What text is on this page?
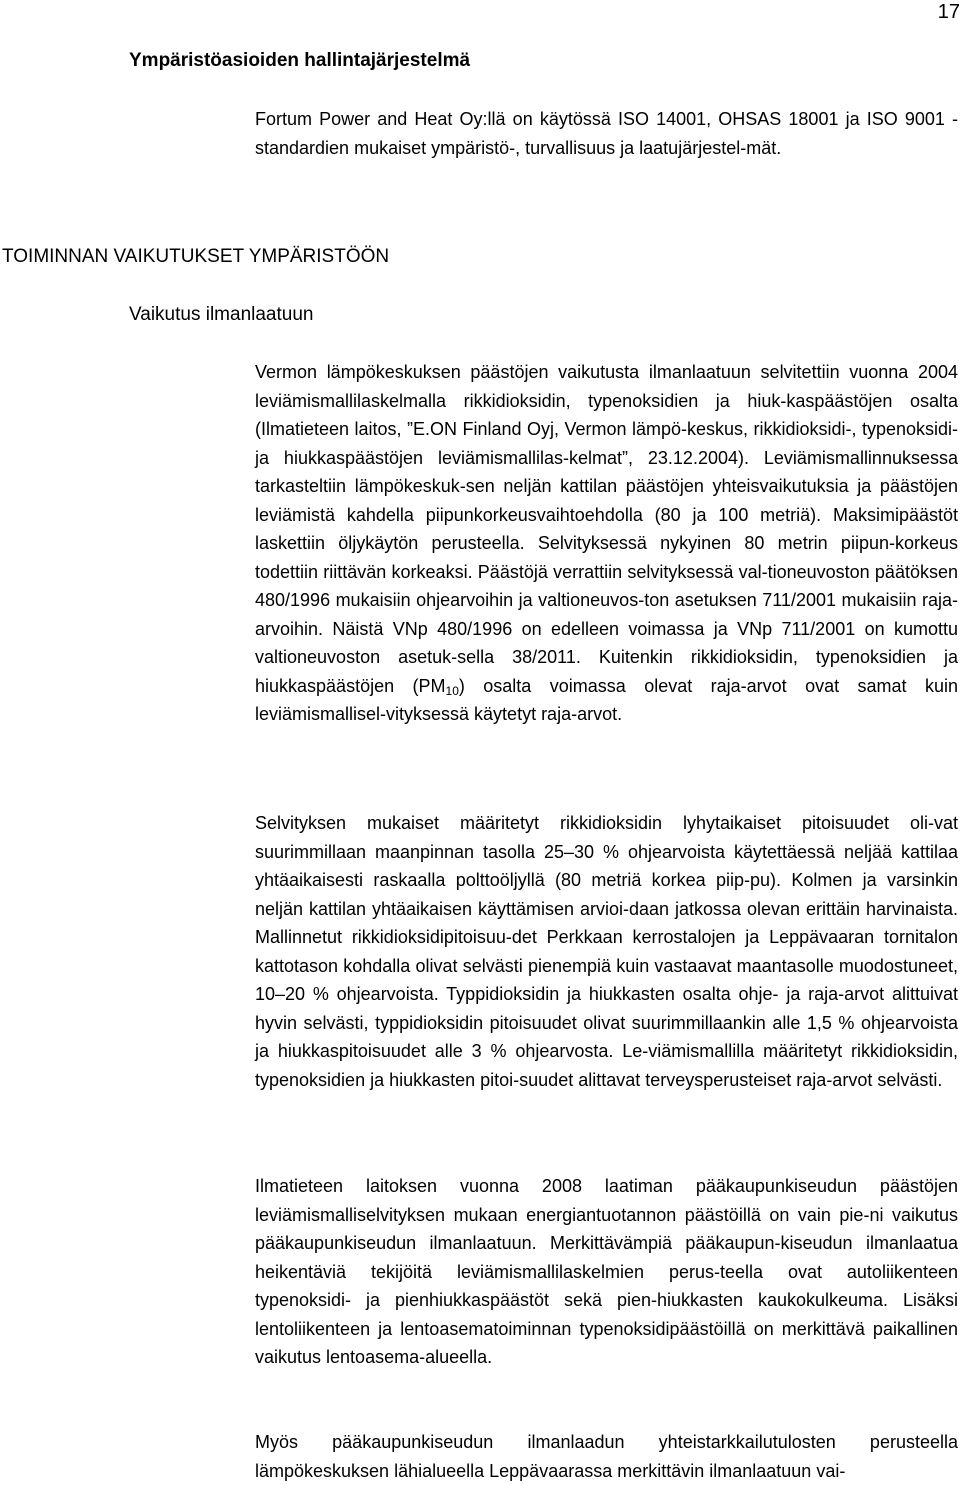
17
Ympäristöasioiden hallintajärjestelmä
Fortum Power and Heat Oy:llä on käytössä ISO 14001, OHSAS 18001 ja ISO 9001 -standardien mukaiset ympäristö-, turvallisuus ja laatujärjestel-mät.
TOIMINNAN VAIKUTUKSET YMPÄRISTÖÖN
Vaikutus ilmanlaatuun
Vermon lämpökeskuksen päästöjen vaikutusta ilmanlaatuun selvitettiin vuonna 2004 leviämismallilaskelmalla rikkidioksidin, typenoksidien ja hiuk-kaspäästöjen osalta (Ilmatieteen laitos, ”E.ON Finland Oyj, Vermon lämpö-keskus, rikkidioksidi-, typenoksidi- ja hiukkaspäästöjen leviämismallilas-kelmat”, 23.12.2004). Leviämismallinnuksessa tarkasteltiin lämpökeskuk-sen neljän kattilan päästöjen yhteisvaikutuksia ja päästöjen leviämistä kahdella piipunkorkeusvaihtoehdolla (80 ja 100 metriä). Maksimipäästöt laskettiin öljykäytön perusteella. Selvityksessä nykyinen 80 metrin piipun-korkeus todettiin riittävän korkeaksi. Päästöjä verrattiin selvityksessä val-tioneuvoston päätöksen 480/1996 mukaisiin ohjearvoihin ja valtioneuvos-ton asetuksen 711/2001 mukaisiin raja-arvoihin. Näistä VNp 480/1996 on edelleen voimassa ja VNp 711/2001 on kumottu valtioneuvoston asetuk-sella 38/2011. Kuitenkin rikkidioksidin, typenoksidien ja hiukkaspäästöjen $(PM_{10})$ osalta voimassa olevat raja-arvot ovat samat kuin leviämismallisel-vityksessä käytetyt raja-arvot.
Selvityksen mukaiset määritetyt rikkidioksidin lyhytaikaiset pitoisuudet oli-vat suurimmillaan maanpinnan tasolla 25–30 % ohjearvoista käytettäessä neljää kattilaa yhtäaikaisesti raskaalla polttoöljyllä (80 metriä korkea piip-pu). Kolmen ja varsinkin neljän kattilan yhtäaikaisen käyttämisen arvioi-daan jatkossa olevan erittäin harvinaista. Mallinnetut rikkidioksidipitoisuu-det Perkkaan kerrostalojen ja Leppävaaran tornitalon kattotason kohdalla olivat selvästi pienempiä kuin vastaavat maantasolle muodostuneet, 10–20 % ohjearvoista. Typpidioksidin ja hiukkasten osalta ohje- ja raja-arvot alittuivat hyvin selvästi, typpidioksidin pitoisuudet olivat suurimmillaankin alle 1,5 % ohjearvoista ja hiukkaspitoisuudet alle 3 % ohjearvosta. Le-viämismallilla määritetyt rikkidioksidin, typenoksidien ja hiukkasten pitoi-suudet alittavat terveysperusteiset raja-arvot selvästi.
Ilmatieteen laitoksen vuonna 2008 laatiman pääkaupunkiseudun päästöjen leviämismalliselvityksen mukaan energiantuotannon päästöillä on vain pie-ni vaikutus pääkaupunkiseudun ilmanlaatuun. Merkittävämpiä pääkaupun-kiseudun ilmanlaatua heikentäviä tekijöitä leviämismallilaskelmien perus-teella ovat autoliikenteen typenoksidi- ja pienhiukkaspäästöt sekä pien-hiukkasten kaukokulkeuma. Lisäksi lentoliikenteen ja lentoasematoiminnan typenoksidipäästöillä on merkittävä paikallinen vaikutus lentoasema-alueella.
Myös pääkaupunkiseudun ilmanlaadun yhteistarkkailutulosten perusteella lämpökeskuksen lähialueella Leppävaarassa merkittävin ilmanlaatuun vai-
